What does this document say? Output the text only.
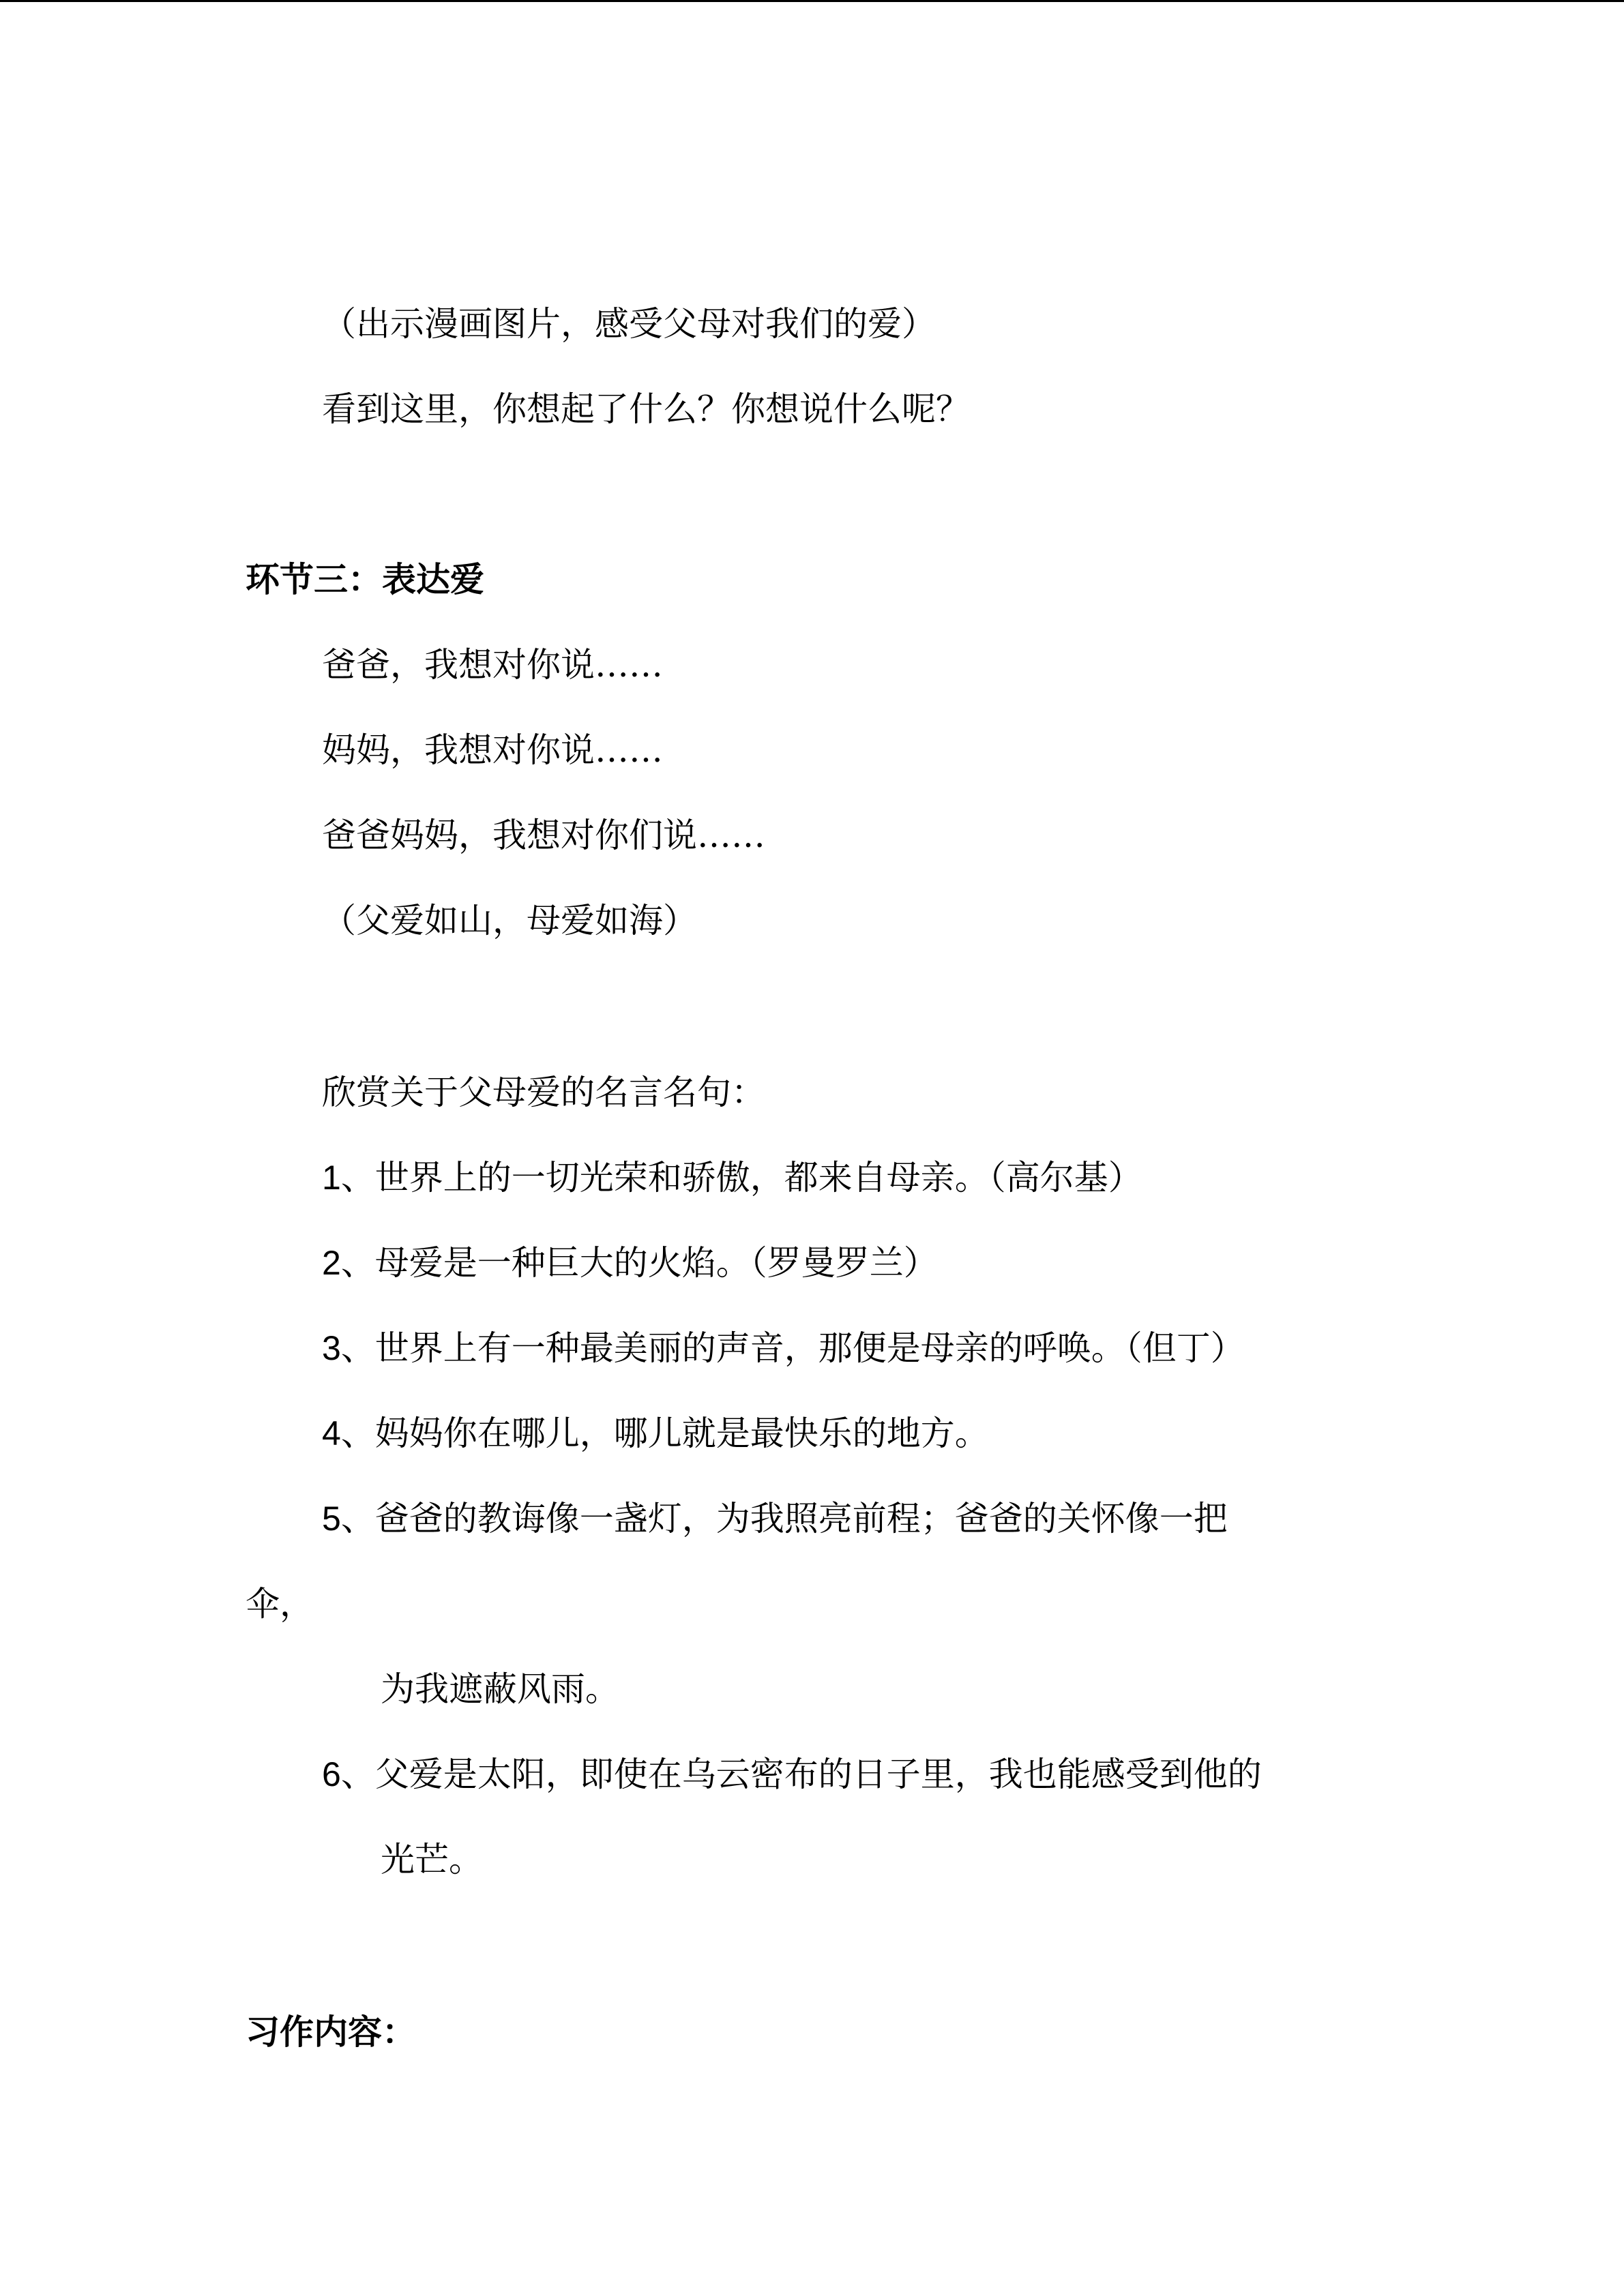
（出示漫画图片，感受父母对我们的爱）
看到这里，你想起了什么？你想说什么呢？
环节三：表达爱
爸爸，我想对你说……
妈妈，我想对你说……
爸爸妈妈，我想对你们说……
（父爱如山，母爱如海）
欣赏关于父母爱的名言名句：
1、世界上的一切光荣和骄傲，都来自母亲。（高尔基）
2、母爱是一种巨大的火焰。（罗曼罗兰）
3、世界上有一种最美丽的声音，那便是母亲的呼唤。（但丁）
4、妈妈你在哪儿，哪儿就是最快乐的地方。
5、爸爸的教诲像一盏灯，为我照亮前程；爸爸的关怀像一把
伞，
为我遮蔽风雨。
6、父爱是太阳，即使在乌云密布的日子里，我也能感受到他的
光芒。
习作内容：
